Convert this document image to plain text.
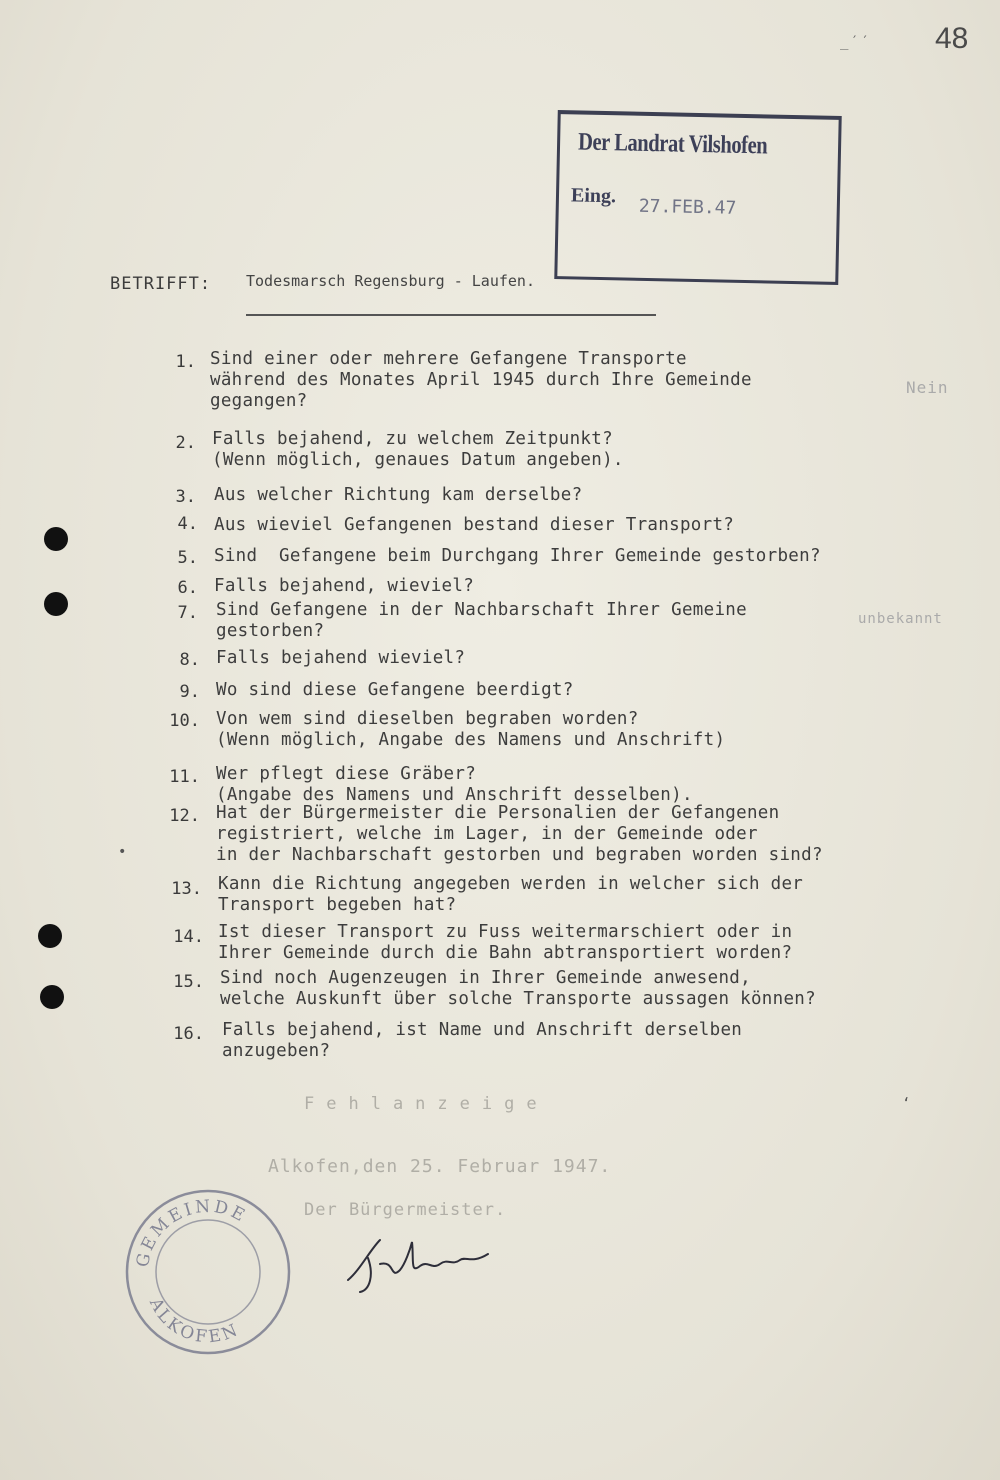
_′′ 48
Der Landrat Vilshofen
Eing. 27.FEB.47
BETRIFFT: Todesmarsch Regensburg - Laufen.
1. Sind einer oder mehrere Gefangene Transporte
während des Monates April 1945 durch Ihre Gemeinde
gegangen?
2. Falls bejahend, zu welchem Zeitpunkt?
(Wenn möglich, genaues Datum angeben).
3. Aus welcher Richtung kam derselbe?
4. Aus wieviel Gefangenen bestand dieser Transport?
5. Sind  Gefangene beim Durchgang Ihrer Gemeinde gestorben?
6. Falls bejahend, wieviel?
7. Sind Gefangene in der Nachbarschaft Ihrer Gemeine
gestorben?
8. Falls bejahend wieviel?
9. Wo sind diese Gefangene beerdigt?
10. Von wem sind dieselben begraben worden?
(Wenn möglich, Angabe des Namens und Anschrift)
11. Wer pflegt diese Gräber?
(Angabe des Namens und Anschrift desselben).
12. Hat der Bürgermeister die Personalien der Gefangenen
registriert, welche im Lager, in der Gemeinde oder
in der Nachbarschaft gestorben und begraben worden sind?
13. Kann die Richtung angegeben werden in welcher sich der
Transport begeben hat?
14. Ist dieser Transport zu Fuss weitermarschiert oder in
Ihrer Gemeinde durch die Bahn abtransportiert worden?
15. Sind noch Augenzeugen in Ihrer Gemeinde anwesend,
welche Auskunft über solche Transporte aussagen können?
16. Falls bejahend, ist Name und Anschrift derselben
anzugeben?
Nein
unbekannt
Fehlanzeige
Alkofen,den 25. Februar 1947.
Der Bürgermeister.
GEMEINDE
ALKOFEN
•
‘
